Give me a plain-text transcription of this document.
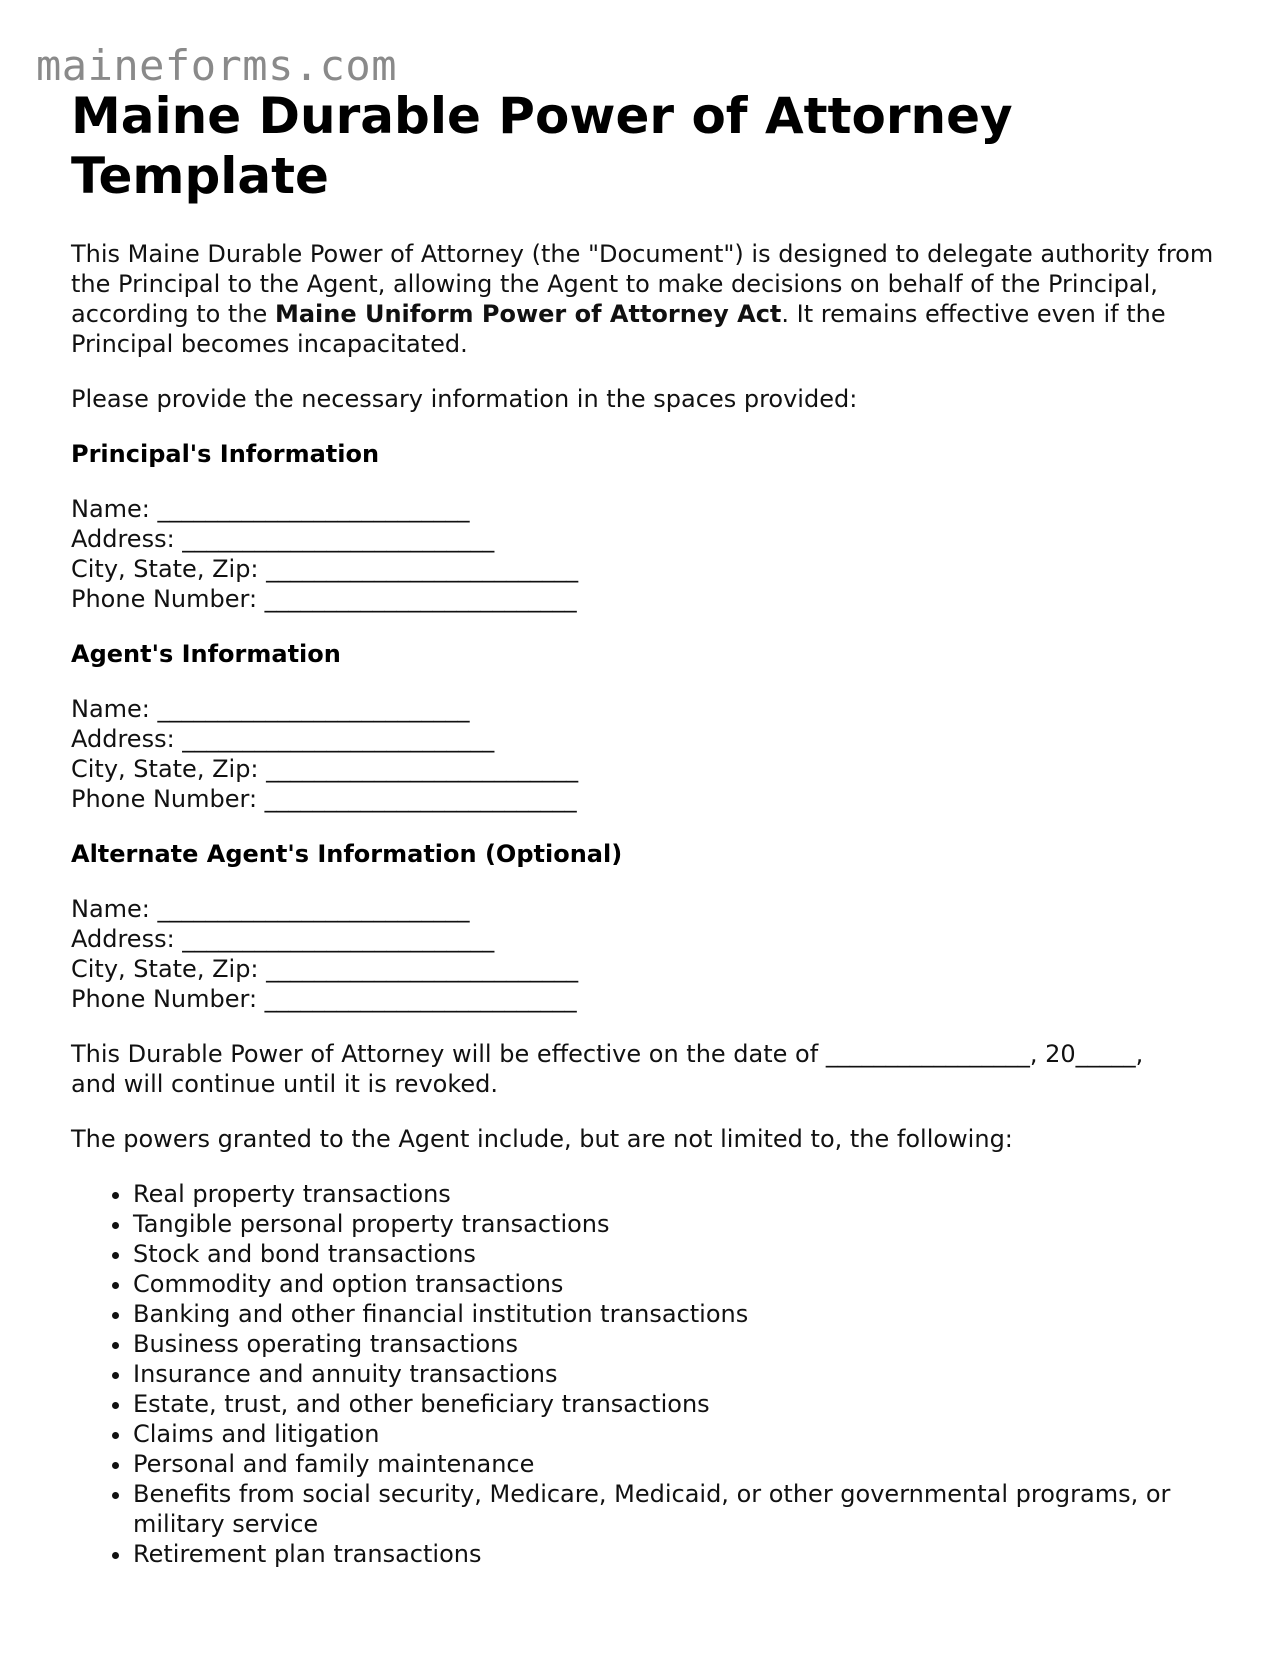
maineforms.com
Maine Durable Power of Attorney Template

This Maine Durable Power of Attorney (the "Document") is designed to delegate authority from the Principal to the Agent, allowing the Agent to make decisions on behalf of the Principal, according to the Maine Uniform Power of Attorney Act. It remains effective even if the Principal becomes incapacitated.

Please provide the necessary information in the spaces provided:

Principal's Information
Name: __________________________
Address: __________________________
City, State, Zip: __________________________
Phone Number: __________________________
Agent's Information
Name: __________________________
Address: __________________________
City, State, Zip: __________________________
Phone Number: __________________________
Alternate Agent's Information (Optional)
Name: __________________________
Address: __________________________
City, State, Zip: __________________________
Phone Number: __________________________

This Durable Power of Attorney will be effective on the date of _________________, 20_____,

and will continue until it is revoked.

The powers granted to the Agent include, but are not limited to, the following:

• Real property transactions
• Tangible personal property transactions
• Stock and bond transactions
• Commodity and option transactions
• Banking and other financial institution transactions
• Business operating transactions
• Insurance and annuity transactions
• Estate, trust, and other beneficiary transactions
• Claims and litigation
• Personal and family maintenance
• Benefits from social security, Medicare, Medicaid, or other governmental programs, or military service
• Retirement plan transactions
